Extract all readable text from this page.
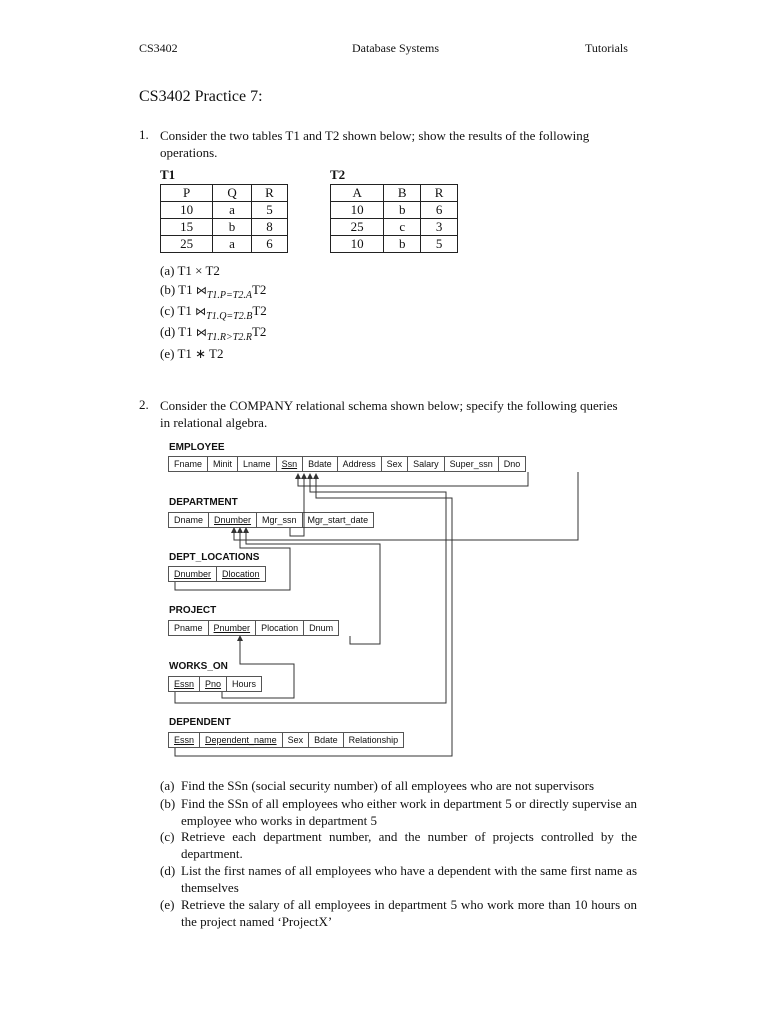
CS3402	Database Systems	Tutorials
CS3402 Practice 7:
1. Consider the two tables T1 and T2 shown below; show the results of the following operations.
T1
P	Q	R
10	a	5
15	b	8
25	a	6
T2
A	B	R
10	b	6
25	c	3
10	b	5
(a) T1 × T2
(b) T1 $⋈_{T1.P=T2.A}T2$
(c) T1 $⋈_{T1.Q=T2.B}T2$
(d) T1 $⋈_{T1.R>T2.R}T2$
(e) T1 ∗ T2
2. Consider the COMPANY relational schema shown below; specify the following queries in relational algebra.
EMPLOYEE
Fname	Minit	Lname	Ssn	Bdate	Address	Sex	Salary	Super_ssn	Dno
DEPARTMENT
Dname	Dnumber	Mgr_ssn	Mgr_start_date
DEPT_LOCATIONS
Dnumber	Dlocation
PROJECT
Pname	Pnumber	Plocation	Dnum
WORKS_ON
Essn	Pno	Hours
DEPENDENT
Essn	Dependent_name	Sex	Bdate	Relationship
(a) Find the SSn (social security number) of all employees who are not supervisors
(b) Find the SSn of all employees who either work in department 5 or directly supervise an employee who works in department 5
(c) Retrieve each department number, and the number of projects controlled by the department.
(d) List the first names of all employees who have a dependent with the same first name as themselves
(e) Retrieve the salary of all employees in department 5 who work more than 10 hours on the project named ‘ProjectX’
